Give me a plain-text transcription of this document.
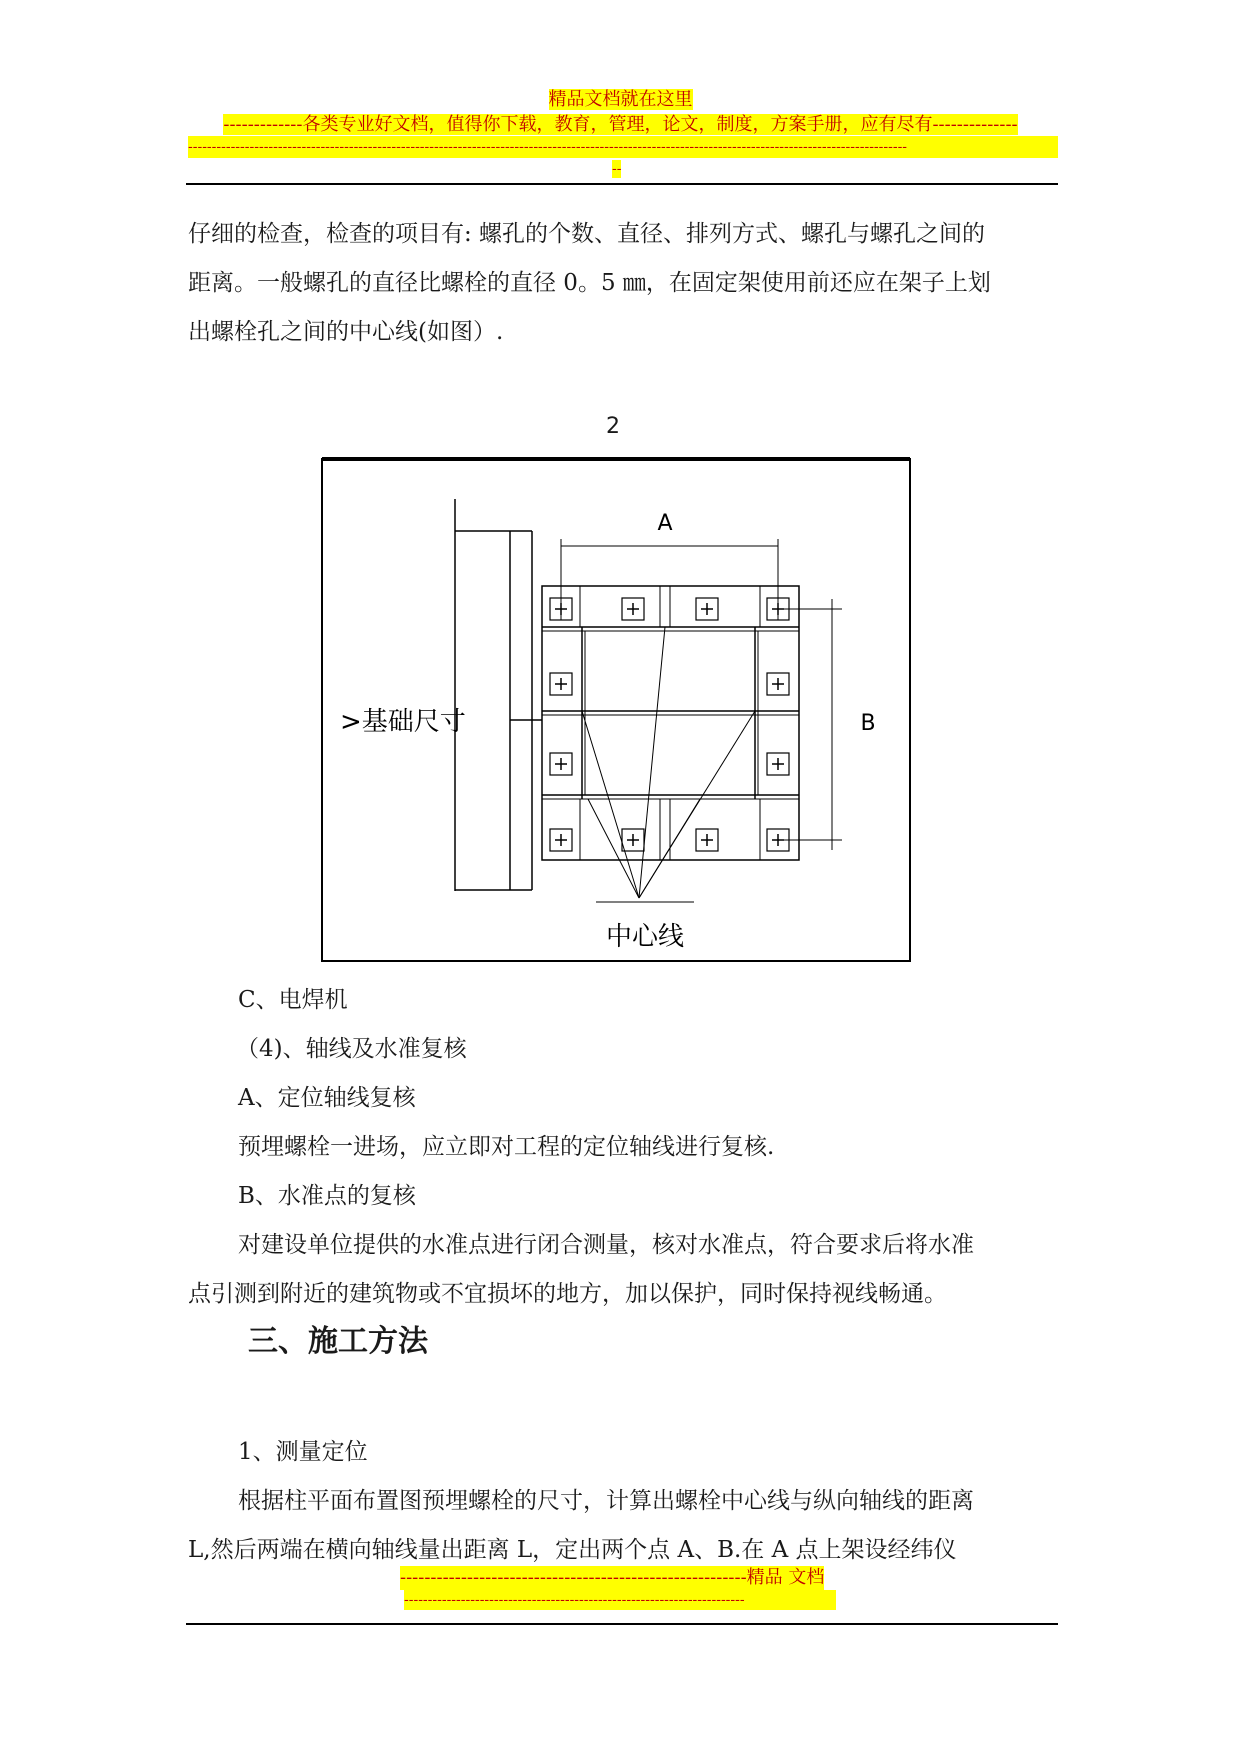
精品文档就在这里
-------------各类专业好文档，值得你下载，教育，管理，论文，制度，方案手册，应有尽有--------------
--------------------------------------------------------------------------------------------------------------------------------------------------------
--
仔细的检查，检查的项目有: 螺孔的个数、直径、排列方式、螺孔与螺孔之间的
距离。一般螺孔的直径比螺栓的直径 0。5 ㎜，在固定架使用前还应在架子上划
出螺栓孔之间的中心线(如图）.
2
A
B
>基础尺寸
中心线
C、电焊机
（4)、轴线及水准复核
A、定位轴线复核
预埋螺栓一进场，应立即对工程的定位轴线进行复核.
B、水准点的复核
对建设单位提供的水准点进行闭合测量，核对水准点，符合要求后将水准
点引测到附近的建筑物或不宜损坏的地方，加以保护，同时保持视线畅通。
三、施工方法
1、测量定位
根据柱平面布置图预埋螺栓的尺寸，计算出螺栓中心线与纵向轴线的距离
L,然后两端在横向轴线量出距离 L，定出两个点 A、B.在 A 点上架设经纬仪
---------------------------------------------------------精品 文档
------------------------------------------------------------------------
